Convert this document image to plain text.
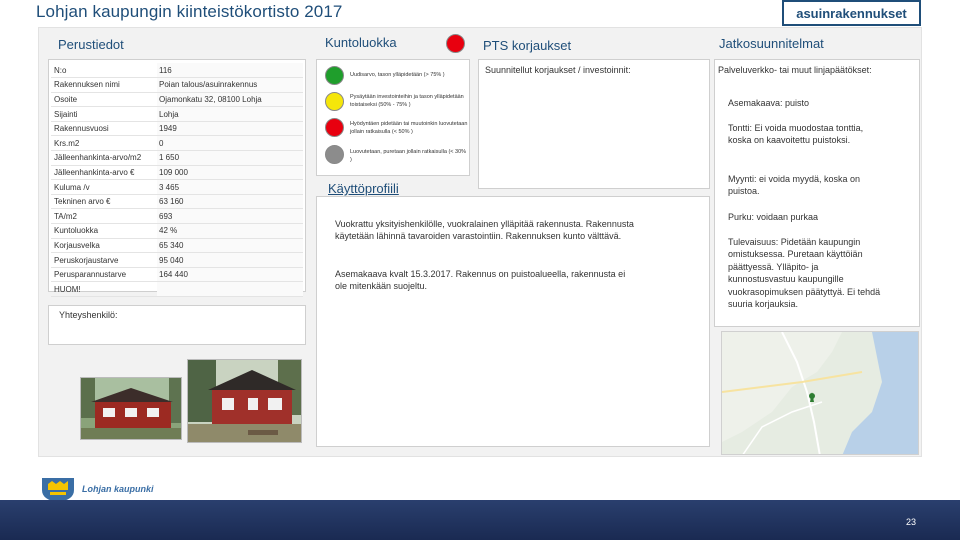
Lohjan kaupungin kiinteistökortisto 2017	asuinrakennukset
Perustiedot	Kuntoluokka	PTS korjaukset	Jatkosuunnitelmat
N:o	116
Rakennuksen nimi	Poian talous/asuinrakennus
Osoite	Ojamonkatu 32, 08100 Lohja
Sijainti	Lohja
Rakennusvuosi	1949
Krs.m2	0
Jälleenhankinta-arvo/m2	1 650
Jälleenhankinta-arvo €	109 000
Kuluma /v	3 465
Tekninen arvo €	63 160
TA/m2	693
Kuntoluokka	42 %
Korjausvelka	65 340
Peruskorjaustarve	95 040
Perusparannustarve	164 440
HUOM!	
Yhteyshenkilö:
Uudisarvo, tason ylläpidetään (> 75% )
Pysäytään investointeihin ja tason ylläpidetään toistaiseksi (50% - 75% )
Hyödyntäen pidetään tai muutoinkin luovutetaan jollain ratkaisulla (< 50% )
Luovutetaan, puretaan jollain ratkaisulla (< 30% )
Käyttöprofiili
Vuokrattu yksityishenkilölle, vuokralainen ylläpitää rakennusta. Rakennusta käytetään lähinnä tavaroiden varastointiin. Rakennuksen kunto välttävä.
Asemakaava kvalt 15.3.2017. Rakennus on puistoalueella, rakennusta ei ole mitenkään suojeltu.
Suunnitellut korjaukset / investoinnit:	Palveluverkko- tai muut linjapäätökset:
Asemakaava: puisto
Tontti: Ei voida muodostaa tonttia, koska on kaavoitettu puistoksi.
Myynti: ei voida myydä, koska on puistoa.
Purku: voidaan purkaa
Tulevaisuus: Pidetään kaupungin omistuksessa. Puretaan käyttöiän päättyessä. Ylläpito- ja kunnostusvastuu kaupungille vuokrasopimuksen päätyttyä. Ei tehdä suuria korjauksia.
Lohjan kaupunki
23
